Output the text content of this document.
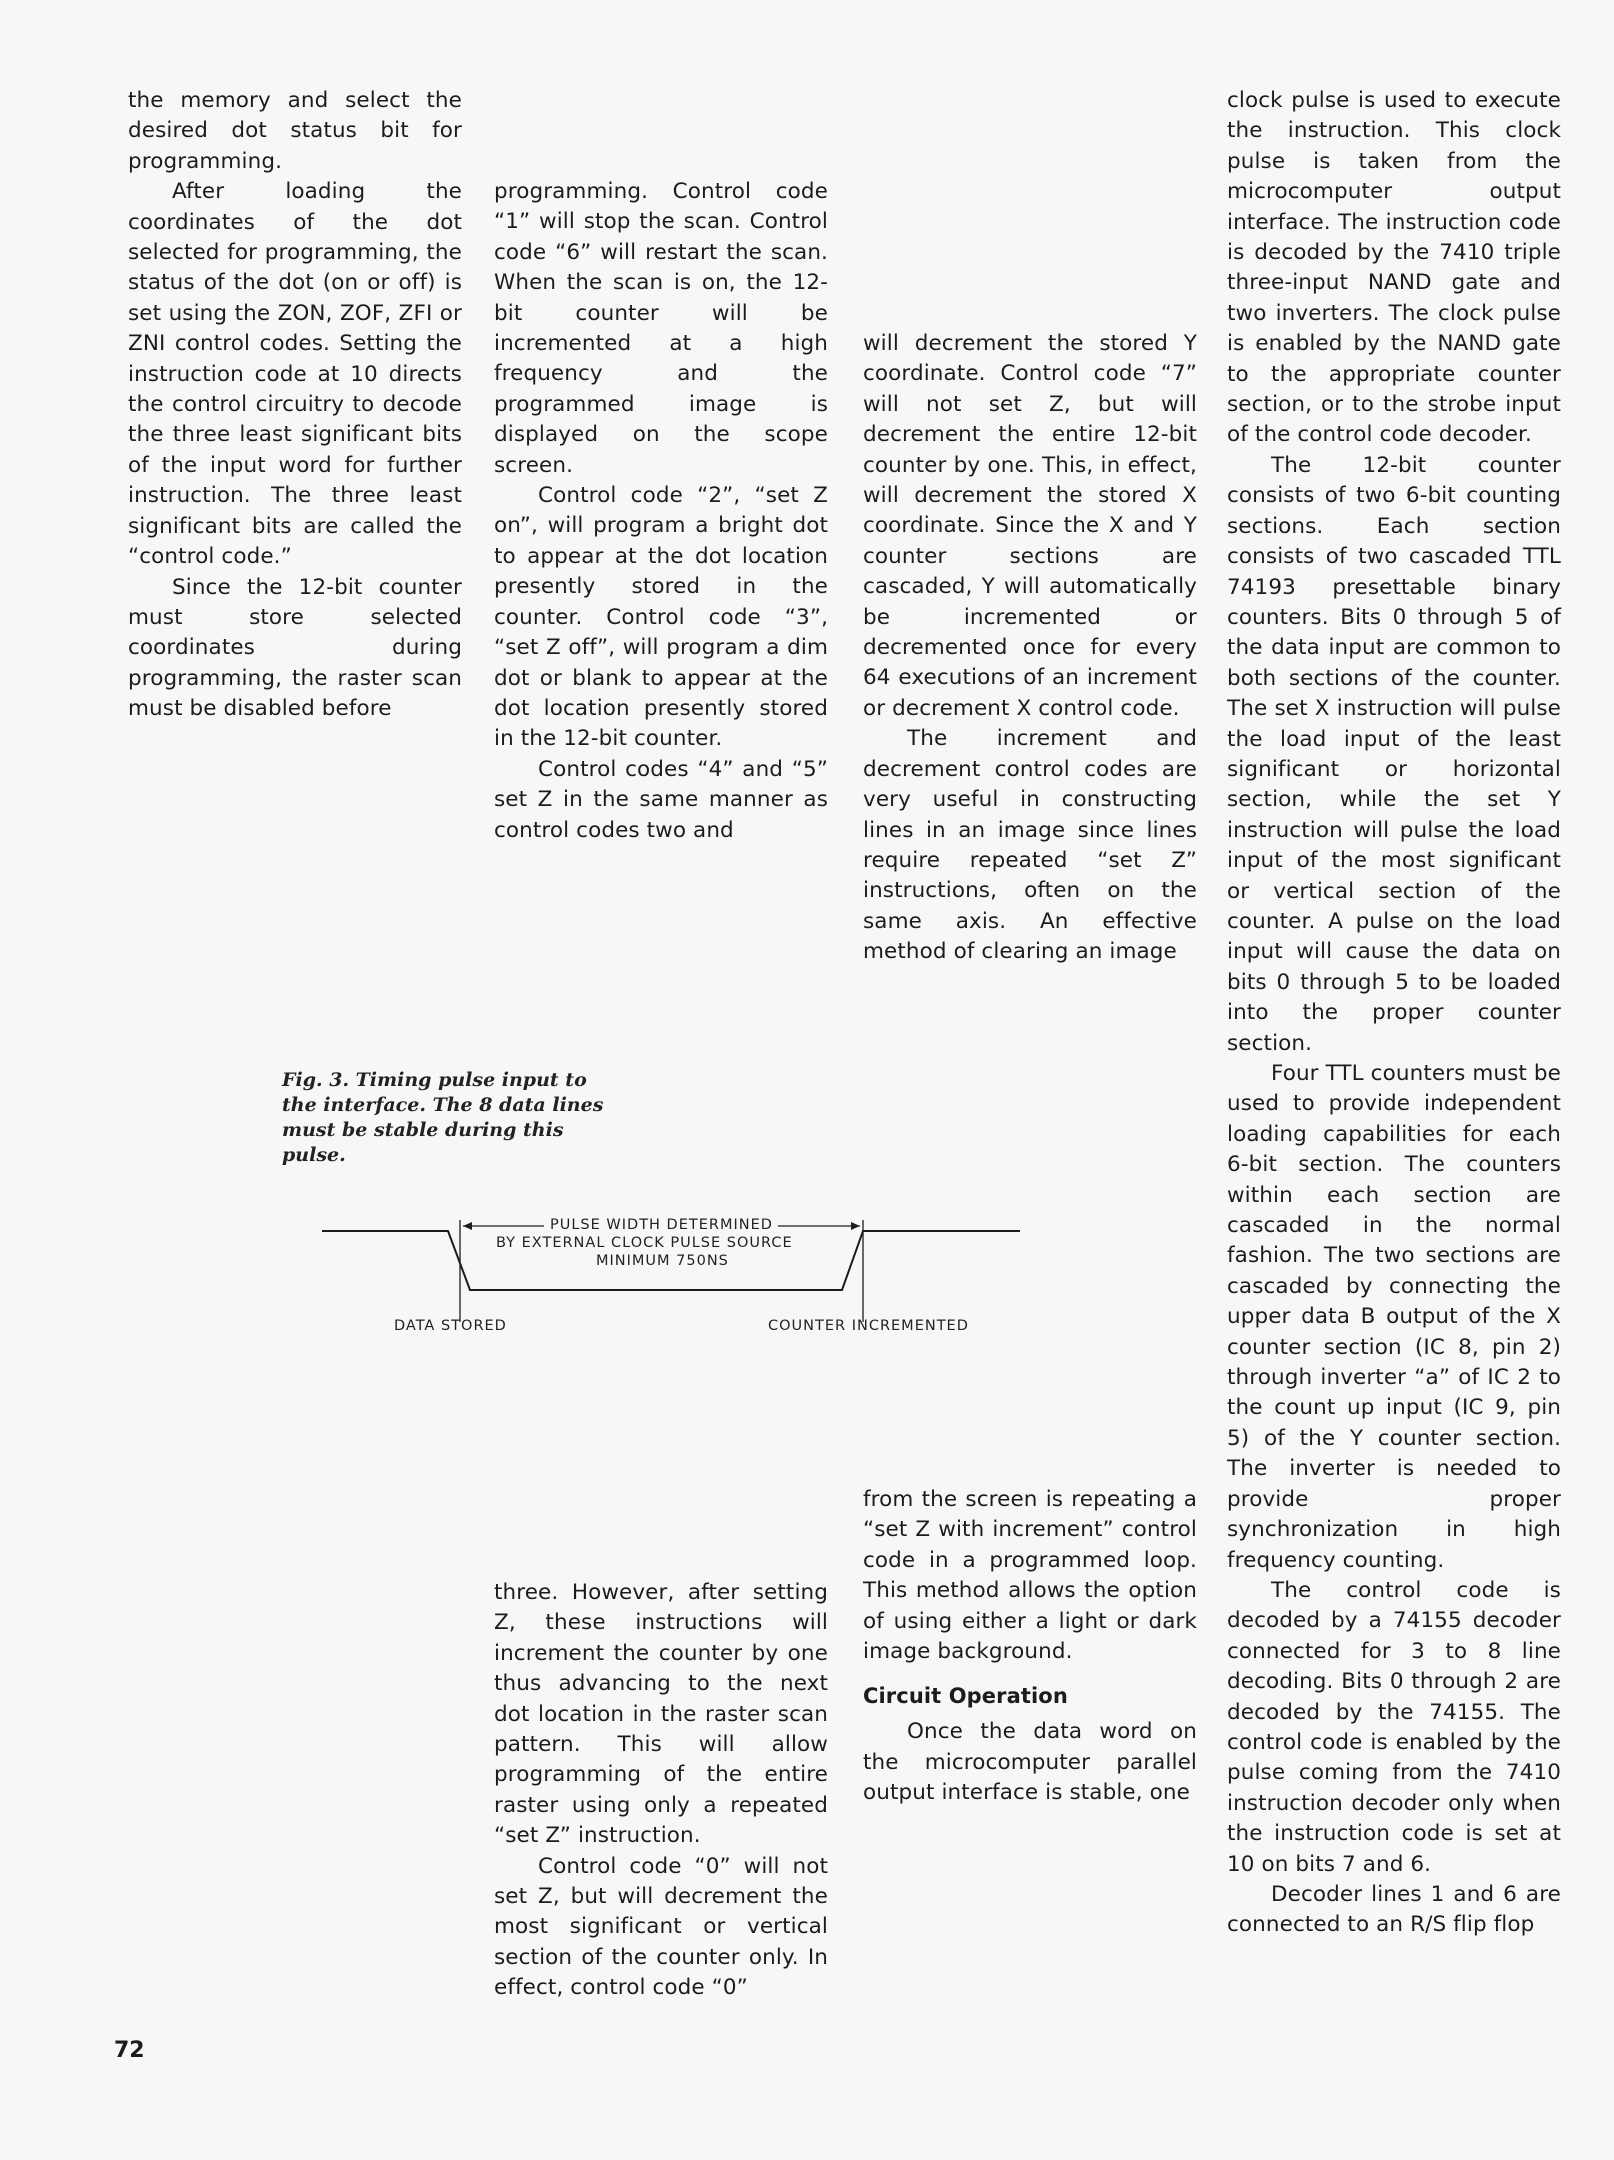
the memory and select the desired dot status bit for programming.

After loading the coordinates of the dot selected for programming, the status of the dot (on or off) is set using the ZON, ZOF, ZFI or ZNI control codes. Setting the instruction code at 10 directs the control circuitry to decode the three least significant bits of the input word for further instruction. The three least significant bits are called the “control code.”

Since the 12-bit counter must store selected coordinates during programming, the raster scan must be disabled before

programming. Control code “1” will stop the scan. Control code “6” will restart the scan. When the scan is on, the 12-bit counter will be incremented at a high frequency and the programmed image is displayed on the scope screen.

Control code “2”, “set Z on”, will program a bright dot to appear at the dot location presently stored in the counter. Control code “3”, “set Z off”, will program a dim dot or blank to appear at the dot location presently stored in the 12-bit counter.

Control codes “4” and “5” set Z in the same manner as control codes two and

will decrement the stored Y coordinate. Control code “7” will not set Z, but will decrement the entire 12-bit counter by one. This, in effect, will decrement the stored X coordinate. Since the X and Y counter sections are cascaded, Y will automatically be incremented or decremented once for every 64 executions of an increment or decrement X control code.

The increment and decrement control codes are very useful in constructing lines in an image since lines require repeated “set Z” instructions, often on the same axis. An effective method of clearing an image

clock pulse is used to execute the instruction. This clock pulse is taken from the microcomputer output interface. The instruction code is decoded by the 7410 triple three-input NAND gate and two inverters. The clock pulse is enabled by the NAND gate to the appropriate counter section, or to the strobe input of the control code decoder.

The 12-bit counter consists of two 6-bit counting sections. Each section consists of two cascaded TTL 74193 presettable binary counters. Bits 0 through 5 of the data input are common to both sections of the counter. The set X instruction will pulse the load input of the least significant or horizontal section, while the set Y instruction will pulse the load input of the most significant or vertical section of the counter. A pulse on the load input will cause the data on bits 0 through 5 to be loaded into the proper counter section.

Four TTL counters must be used to provide independent loading capabilities for each 6-bit section. The counters within each section are cascaded in the normal fashion. The two sections are cascaded by connecting the upper data B output of the X counter section (IC 8, pin 2) through inverter “a” of IC 2 to the count up input (IC 9, pin 5) of the Y counter section. The inverter is needed to provide proper synchronization in high frequency counting.

The control code is decoded by a 74155 decoder connected for 3 to 8 line decoding. Bits 0 through 2 are decoded by the 74155. The control code is enabled by the pulse coming from the 7410 instruction decoder only when the instruction code is set at 10 on bits 7 and 6.

Decoder lines 1 and 6 are connected to an R/S flip flop

Fig. 3. Timing pulse input to the interface. The 8 data lines must be stable during this pulse.
PULSE WIDTH DETERMINED
BY EXTERNAL CLOCK PULSE SOURCE
MINIMUM 750NS
DATA STORED	COUNTER INCREMENTED

three. However, after setting Z, these instructions will increment the counter by one thus advancing to the next dot location in the raster scan pattern. This will allow programming of the entire raster using only a repeated “set Z” instruction.

Control code “0” will not set Z, but will decrement the most significant or vertical section of the counter only. In effect, control code “0”

from the screen is repeating a “set Z with increment” control code in a programmed loop. This method allows the option of using either a light or dark image background.

Circuit Operation

Once the data word on the microcomputer parallel output interface is stable, one

72
